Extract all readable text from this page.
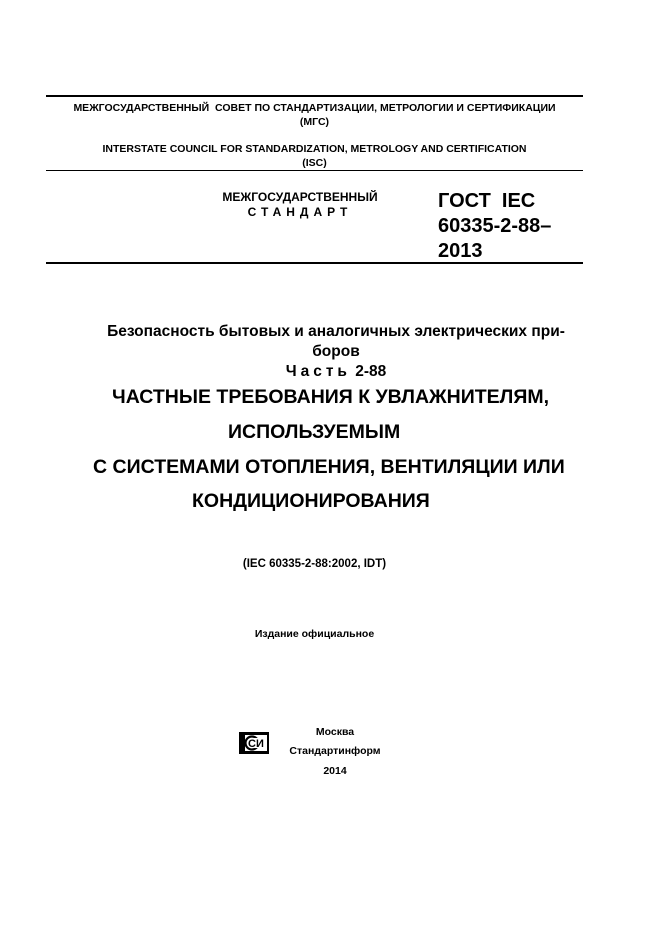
МЕЖГОСУДАРСТВЕННЫЙ  СОВЕТ ПО СТАНДАРТИЗАЦИИ, МЕТРОЛОГИИ И СЕРТИФИКАЦИИ
(МГС)
INTERSTATE COUNCIL FOR STANDARDIZATION, METROLOGY AND CERTIFICATION
(ISC)
МЕЖГОСУДАРСТВЕННЫЙ
СТАНДАРТ	ГОСТ  IEC
60335-2-88–
2013
Безопасность бытовых и аналогичных электрических при-
боров
Часть 2-88
ЧАСТНЫЕ ТРЕБОВАНИЯ К УВЛАЖНИТЕЛЯМ,
ИСПОЛЬЗУЕМЫМ
С СИСТЕМАМИ ОТОПЛЕНИЯ, ВЕНТИЛЯЦИИ ИЛИ
КОНДИЦИОНИРОВАНИЯ
(IEC 60335-2-88:2002, IDT)
Издание официальное
СИ
Москва
Стандартинформ
2014
